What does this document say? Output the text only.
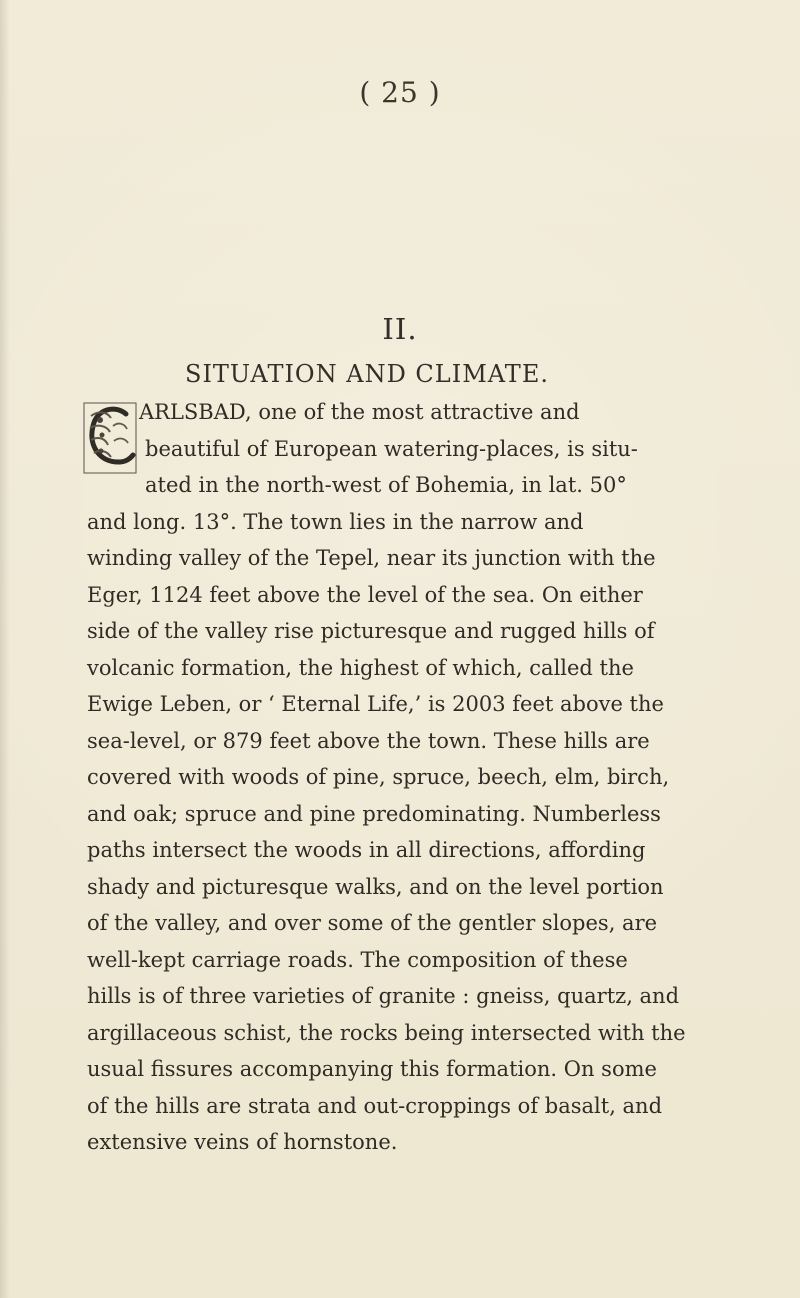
( 25 )
II.
SITUATION AND CLIMATE.
ARLSBAD, one of the most attractive and
beautiful of European watering-places, is situ-
ated in the north-west of Bohemia, in lat. 50°
and long. 13°. The town lies in the narrow and
winding valley of the Tepel, near its junction with the
Eger, 1124 feet above the level of the sea. On either
side of the valley rise picturesque and rugged hills of
volcanic formation, the highest of which, called the
Ewige Leben, or ‘ Eternal Life,’ is 2003 feet above the
sea-level, or 879 feet above the town. These hills are
covered with woods of pine, spruce, beech, elm, birch,
and oak; spruce and pine predominating. Numberless
paths intersect the woods in all directions, affording
shady and picturesque walks, and on the level portion
of the valley, and over some of the gentler slopes, are
well-kept carriage roads. The composition of these
hills is of three varieties of granite : gneiss, quartz, and
argillaceous schist, the rocks being intersected with the
usual fissures accompanying this formation. On some
of the hills are strata and out-croppings of basalt, and
extensive veins of hornstone.
